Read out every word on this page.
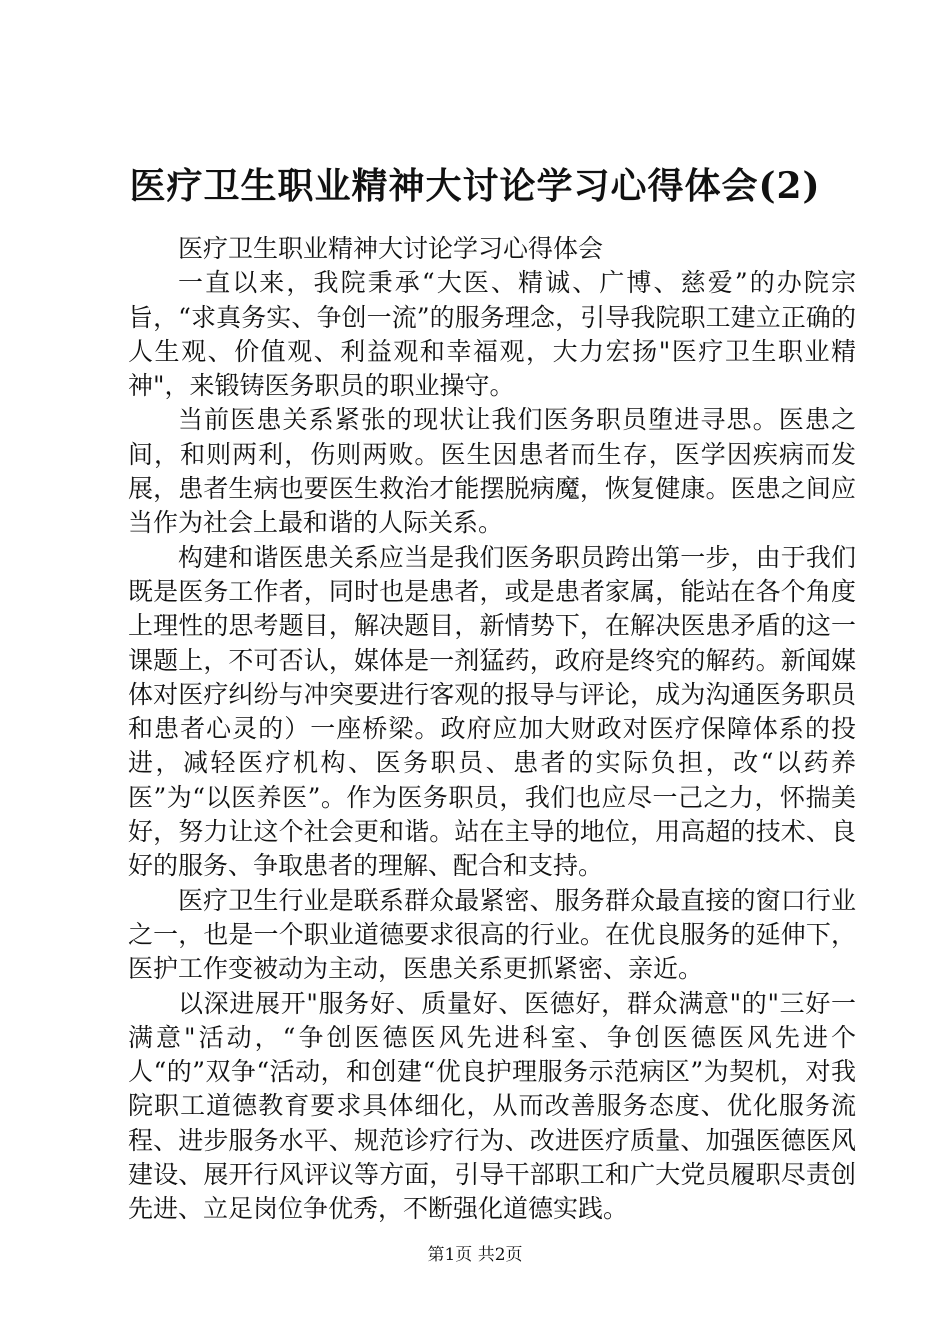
医疗卫生职业精神大讨论学习心得体会(2)

医疗卫生职业精神大讨论学习心得体会

一直以来，我院秉承“大医、精诚、广博、慈爱”的办院宗旨，“求真务实、争创一流”的服务理念，引导我院职工建立正确的人生观、价值观、利益观和幸福观，大力宏扬"医疗卫生职业精神"，来锻铸医务职员的职业操守。

当前医患关系紧张的现状让我们医务职员堕进寻思。医患之间，和则两利，伤则两败。医生因患者而生存，医学因疾病而发展，患者生病也要医生救治才能摆脱病魔，恢复健康。医患之间应当作为社会上最和谐的人际关系。

构建和谐医患关系应当是我们医务职员跨出第一步，由于我们既是医务工作者，同时也是患者，或是患者家属，能站在各个角度上理性的思考题目，解决题目，新情势下，在解决医患矛盾的这一课题上，不可否认，媒体是一剂猛药，政府是终究的解药。新闻媒体对医疗纠纷与冲突要进行客观的报导与评论，成为沟通医务职员和患者心灵的）一座桥梁。政府应加大财政对医疗保障体系的投进，减轻医疗机构、医务职员、患者的实际负担，改“以药养医”为“以医养医”。作为医务职员，我们也应尽一己之力，怀揣美好，努力让这个社会更和谐。站在主导的地位，用高超的技术、良好的服务、争取患者的理解、配合和支持。

医疗卫生行业是联系群众最紧密、服务群众最直接的窗口行业之一，也是一个职业道德要求很高的行业。在优良服务的延伸下，医护工作变被动为主动，医患关系更抓紧密、亲近。

以深进展开"服务好、质量好、医德好，群众满意"的"三好一满意"活动，“争创医德医风先进科室、争创医德医风先进个人“的”双争“活动，和创建“优良护理服务示范病区”为契机，对我院职工道德教育要求具体细化，从而改善服务态度、优化服务流程、进步服务水平、规范诊疗行为、改进医疗质量、加强医德医风建设、展开行风评议等方面，引导干部职工和广大党员履职尽责创先进、立足岗位争优秀，不断强化道德实践。

第1页 共2页
